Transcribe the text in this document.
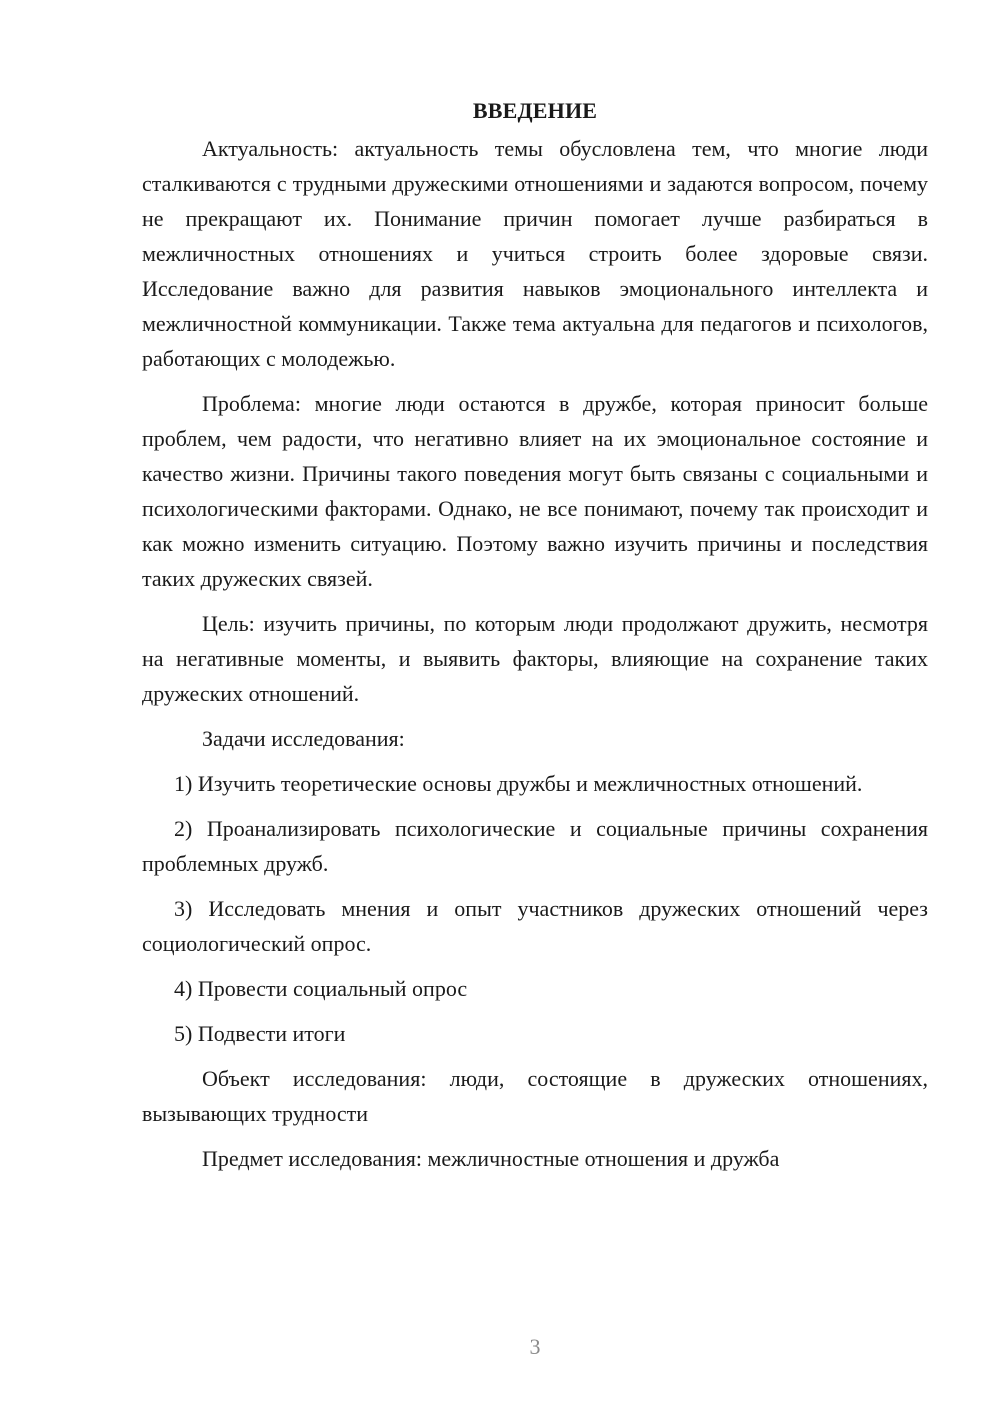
ВВЕДЕНИЕ

Актуальность: актуальность темы обусловлена тем, что многие люди сталкиваются с трудными дружескими отношениями и задаются вопросом, почему не прекращают их. Понимание причин помогает лучше разбираться в межличностных отношениях и учиться строить более здоровые связи. Исследование важно для развития навыков эмоционального интеллекта и межличностной коммуникации. Также тема актуальна для педагогов и психологов, работающих с молодежью.

Проблема: многие люди остаются в дружбе, которая приносит больше проблем, чем радости, что негативно влияет на их эмоциональное состояние и качество жизни. Причины такого поведения могут быть связаны с социальными и психологическими факторами. Однако, не все понимают, почему так происходит и как можно изменить ситуацию. Поэтому важно изучить причины и последствия таких дружеских связей.

Цель: изучить причины, по которым люди продолжают дружить, несмотря на негативные моменты, и выявить факторы, влияющие на сохранение таких дружеских отношений.

Задачи исследования:

1) Изучить теоретические основы дружбы и межличностных отношений.

2) Проанализировать психологические и социальные причины сохранения проблемных дружб.

3) Исследовать мнения и опыт участников дружеских отношений через социологический опрос.

4) Провести социальный опрос

5) Подвести итоги

Объект исследования: люди, состоящие в дружеских отношениях, вызывающих трудности

Предмет исследования: межличностные отношения и дружба

3
